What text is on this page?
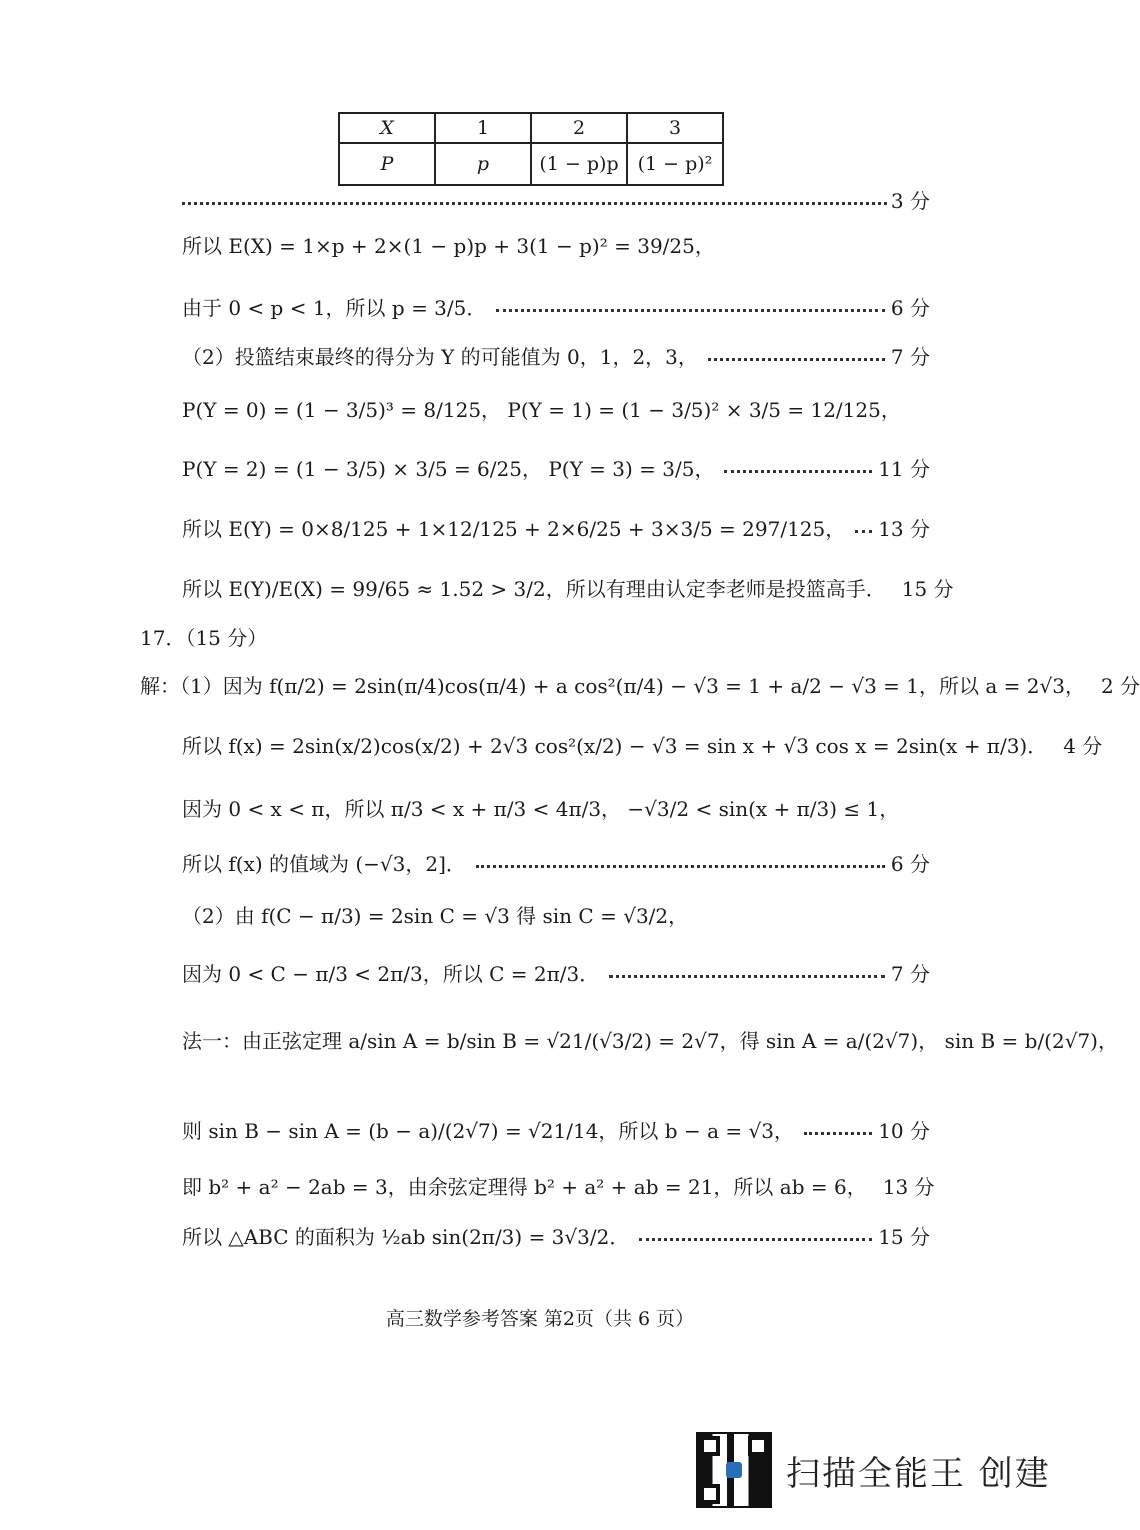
X	1	2	3
P	p	(1 − p)p	(1 − p)²
3 分
所以 E(X) = 1×p + 2×(1 − p)p + 3(1 − p)² = 39/25，
由于 0 < p < 1，所以 p = 3/5．	6 分
（2）投篮结束最终的得分为 Y 的可能值为 0，1，2，3，	7 分
P(Y = 0) = (1 − 3/5)³ = 8/125， P(Y = 1) = (1 − 3/5)² × 3/5 = 12/125，
P(Y = 2) = (1 − 3/5) × 3/5 = 6/25， P(Y = 3) = 3/5，	11 分
所以 E(Y) = 0×8/125 + 1×12/125 + 2×6/25 + 3×3/5 = 297/125， 13 分
所以 E(Y)/E(X) = 99/65 ≈ 1.52 > 3/2，所以有理由认定李老师是投篮高手． 15 分
17．（15 分）
解：（1）因为 f(π/2) = 2sin(π/4)cos(π/4) + a cos²(π/4) − √3 = 1 + a/2 − √3 = 1，所以 a = 2√3， 2 分
所以 f(x) = 2sin(x/2)cos(x/2) + 2√3 cos²(x/2) − √3 = sin x + √3 cos x = 2sin(x + π/3)． 4 分
因为 0 < x < π，所以 π/3 < x + π/3 < 4π/3， −√3/2 < sin(x + π/3) ≤ 1，
所以 f(x) 的值域为 (−√3，2]．	6 分
（2）由 f(C − π/3) = 2sin C = √3 得 sin C = √3/2，
因为 0 < C − π/3 < 2π/3，所以 C = 2π/3．	7 分
法一：由正弦定理 a/sin A = b/sin B = √21/(√3/2) = 2√7，得 sin A = a/(2√7)， sin B = b/(2√7)，
则 sin B − sin A = (b − a)/(2√7) = √21/14，所以 b − a = √3，	10 分
即 b² + a² − 2ab = 3，由余弦定理得 b² + a² + ab = 21，所以 ab = 6， 13 分
所以 △ABC 的面积为 ½ab sin(2π/3) = 3√3/2．	15 分
高三数学参考答案 第2页（共 6 页）
扫描全能王 创建
